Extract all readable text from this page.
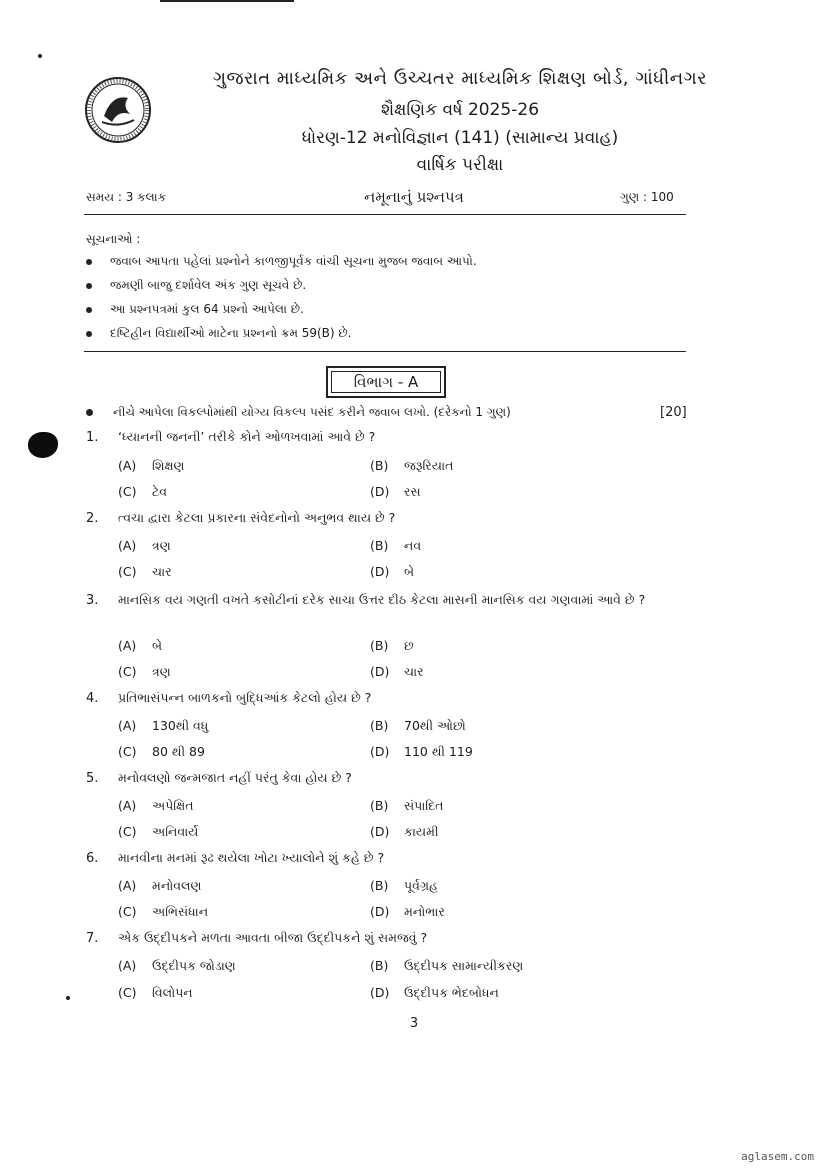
ગુજરાત માધ્યમિક અને ઉચ્ચતર માધ્યમિક શિક્ષણ બોર્ડ, ગાંધીનગર
શૈક્ષણિક વર્ષ 2025-26
ધોરણ-12 મનોવિજ્ઞાન (141) (સામાન્ય પ્રવાહ)
વાર્ષિક પરીક્ષા
સમય : 3 કલાક	નમૂનાનું પ્રશ્નપત્ર	ગુણ : 100
સૂચનાઓ :
જવાબ આપતા પહેલાં પ્રશ્નોને કાળજીપૂર્વક વાંચી સૂચના મુજબ જવાબ આપો.
જમણી બાજુ દર્શાવેલ અંક ગુણ સૂચવે છે.
આ પ્રશ્નપત્રમાં કુલ 64 પ્રશ્નો આપેલા છે.
દષ્ટિહીન વિદ્યાર્થીઓ માટેના પ્રશ્નનો ક્રમ 59(B) છે.
વિભાગ - A
નીચે આપેલા વિકલ્પોમાંથી યોગ્ય વિકલ્પ પસંદ કરીને જવાબ લખો. (દરેકનો 1 ગુણ)	[20]
1. ‘ધ્યાનની જનની’ તરીકે કોને ઓળખવામાં આવે છે ?
(A) શિક્ષણ	(B) જરૂરિયાત
(C) ટેવ	(D) રસ
2. ત્વચા દ્વારા કેટલા પ્રકારના સંવેદનોનો અનુભવ થાય છે ?
(A) ત્રણ	(B) નવ
(C) ચાર	(D) બે
3. માનસિક વય ગણતી વખતે કસોટીનાં દરેક સાચા ઉત્તર દીઠ કેટલા માસની માનસિક વય ગણવામાં આવે છે ?
(A) બે	(B) છ
(C) ત્રણ	(D) ચાર
4. પ્રતિભાસંપન્ન બાળકનો બુદ્ધિઆંક કેટલો હોય છે ?
(A) 130થી વધુ	(B) 70થી ઓછો
(C) 80 થી 89	(D) 110 થી 119
5. મનોવલણો જન્મજાત નહીં પરંતુ કેવા હોય છે ?
(A) અપેક્ષિત	(B) સંપાદિત
(C) અનિવાર્ય	(D) કાયમી
6. માનવીના મનમાં રૂઢ થયેલા ખોટા ખ્યાલોને શું કહે છે ?
(A) મનોવલણ	(B) પૂર્વગ્રહ
(C) અભિસંધાન	(D) મનોભાર
7. એક ઉદ્દીપકને મળતા આવતા બીજા ઉદ્દીપકને શું સમજવું ?
(A) ઉદ્દીપક જોડાણ	(B) ઉદ્દીપક સામાન્યીકરણ
(C) વિલોપન	(D) ઉદ્દીપક ભેદબોધન
3
aglasem.com
